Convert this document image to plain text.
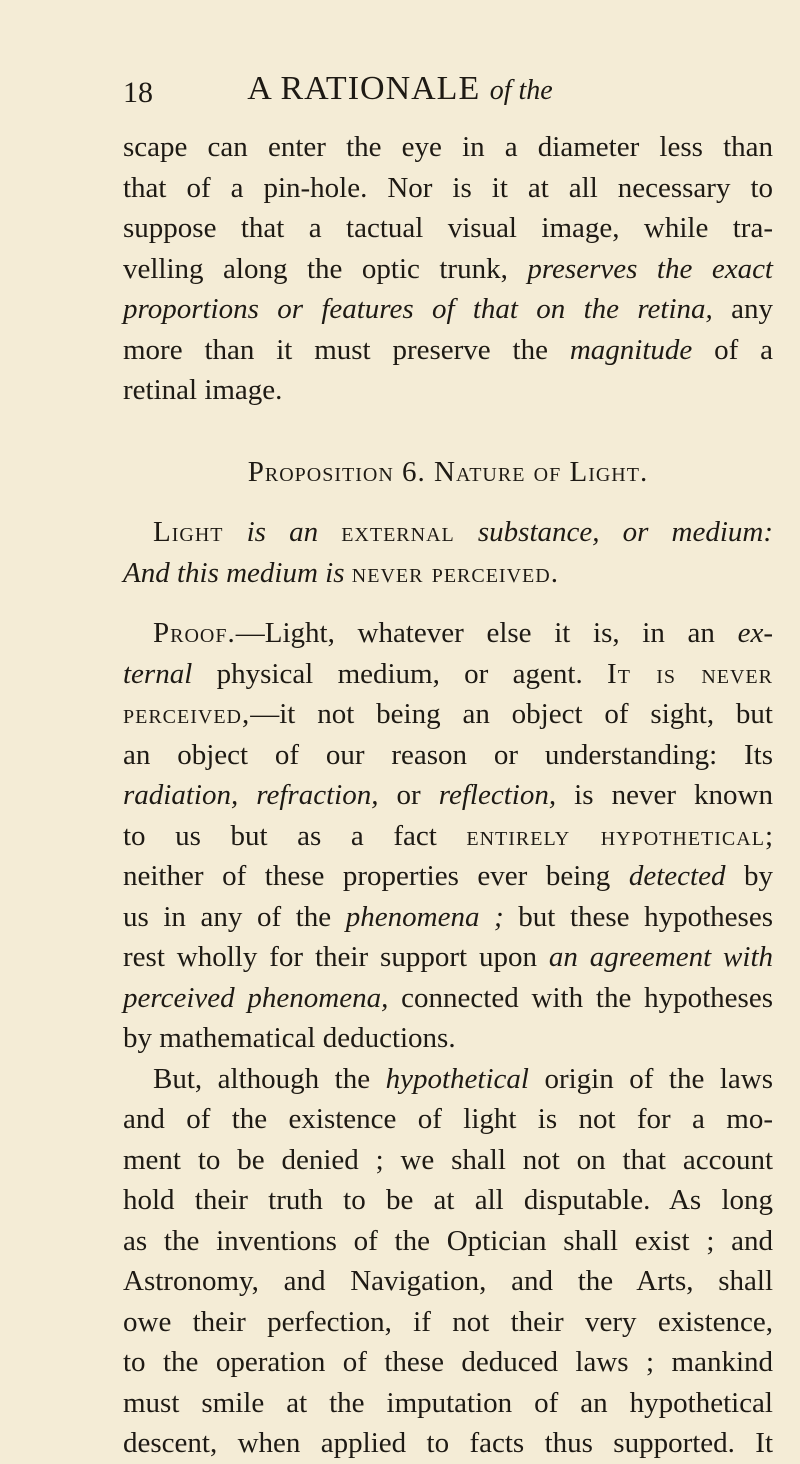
18	A RATIONALE of the
scape can enter the eye in a diameter less than
that of a pin-hole. Nor is it at all necessary to
suppose that a tactual visual image, while tra-
velling along the optic trunk, preserves the exact
proportions or features of that on the retina, any
more than it must preserve the magnitude of a
retinal image.
Proposition 6. Nature of Light.
Light is an external substance, or medium:
And this medium is never perceived.
Proof.—Light, whatever else it is, in an ex-
ternal physical medium, or agent. It is never
perceived,—it not being an object of sight, but
an object of our reason or understanding: Its
radiation, refraction, or reflection, is never known
to us but as a fact entirely hypothetical;
neither of these properties ever being detected by
us in any of the phenomena ; but these hypotheses
rest wholly for their support upon an agreement with
perceived phenomena, connected with the hypotheses
by mathematical deductions.
But, although the hypothetical origin of the laws
and of the existence of light is not for a mo-
ment to be denied ; we shall not on that account
hold their truth to be at all disputable. As long
as the inventions of the Optician shall exist ; and
Astronomy, and Navigation, and the Arts, shall
owe their perfection, if not their very existence,
to the operation of these deduced laws ; mankind
must smile at the imputation of an hypothetical
descent, when applied to facts thus supported. It
